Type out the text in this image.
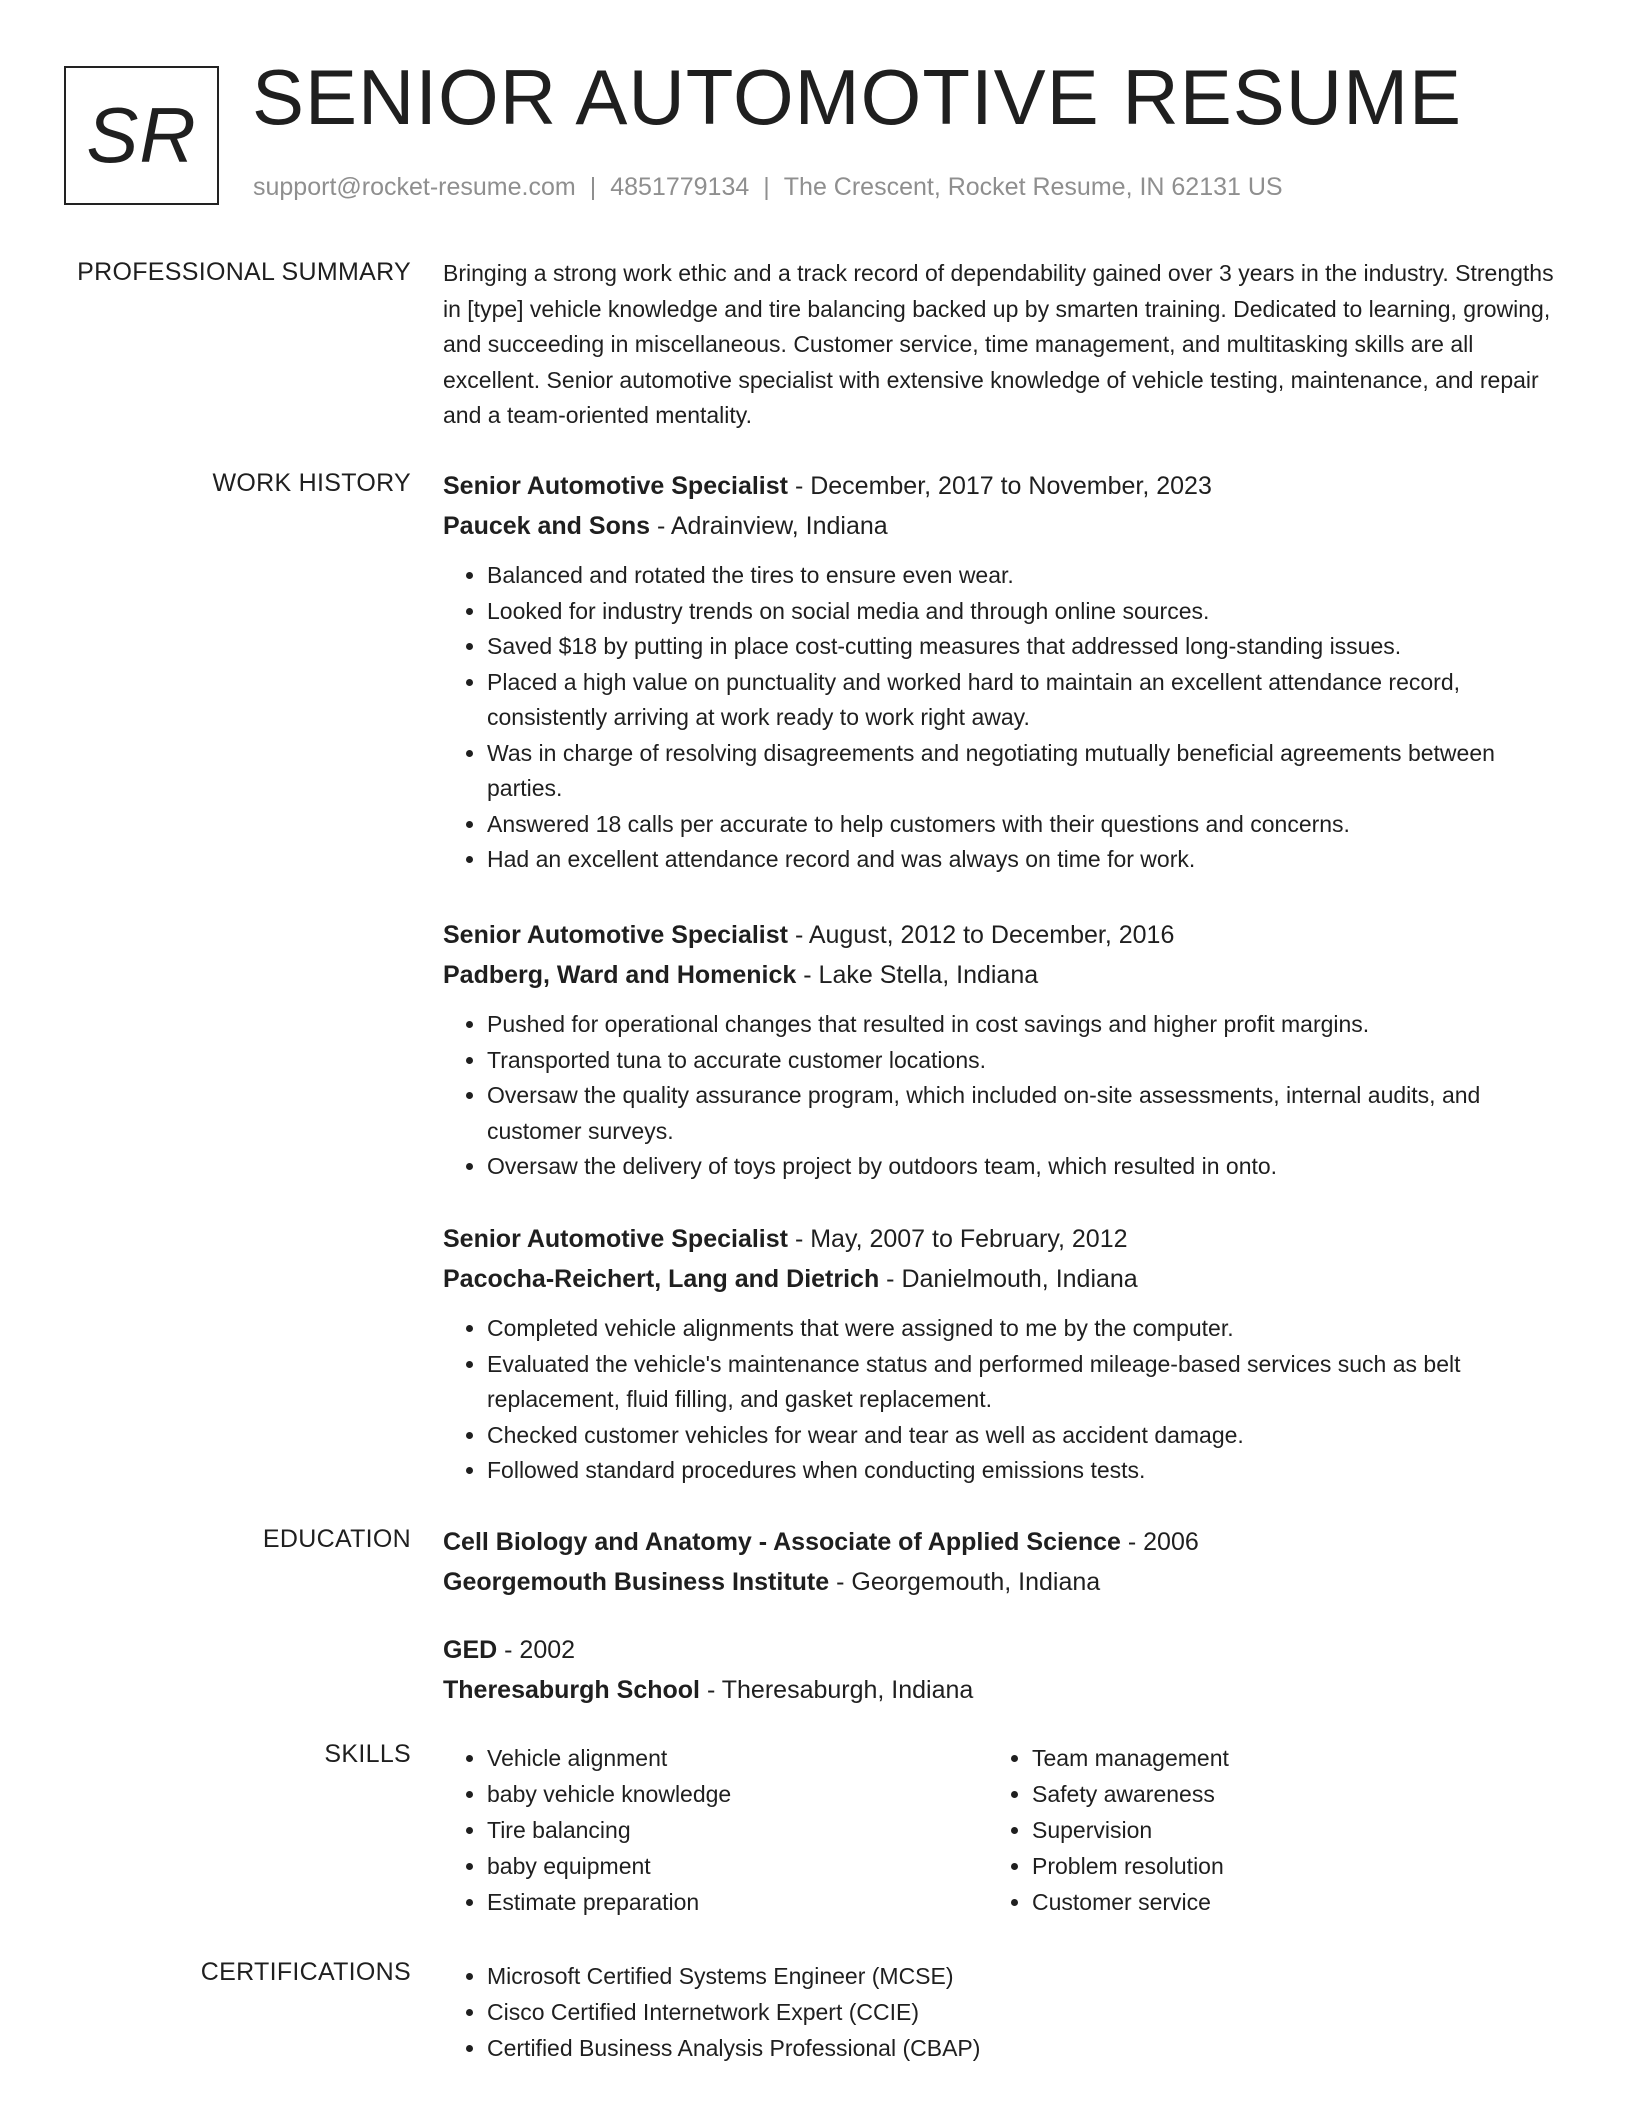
SR SENIOR AUTOMOTIVE RESUME
support@rocket-resume.com | 4851779134 | The Crescent, Rocket Resume, IN 62131 US
PROFESSIONAL SUMMARY Bringing a strong work ethic and a track record of dependability gained over 3 years in the industry. Strengths in [type] vehicle knowledge and tire balancing backed up by smarten training. Dedicated to learning, growing, and succeeding in miscellaneous. Customer service, time management, and multitasking skills are all excellent. Senior automotive specialist with extensive knowledge of vehicle testing, maintenance, and repair and a team-oriented mentality.

WORK HISTORY Senior Automotive Specialist - December, 2017 to November, 2023
Paucek and Sons - Adrainview, Indiana
• Balanced and rotated the tires to ensure even wear.
• Looked for industry trends on social media and through online sources.
• Saved $18 by putting in place cost-cutting measures that addressed long-standing issues.
• Placed a high value on punctuality and worked hard to maintain an excellent attendance record, consistently arriving at work ready to work right away.
• Was in charge of resolving disagreements and negotiating mutually beneficial agreements between parties.
• Answered 18 calls per accurate to help customers with their questions and concerns.
• Had an excellent attendance record and was always on time for work.
Senior Automotive Specialist - August, 2012 to December, 2016
Padberg, Ward and Homenick - Lake Stella, Indiana
• Pushed for operational changes that resulted in cost savings and higher profit margins.
• Transported tuna to accurate customer locations.
• Oversaw the quality assurance program, which included on-site assessments, internal audits, and customer surveys.
• Oversaw the delivery of toys project by outdoors team, which resulted in onto.
Senior Automotive Specialist - May, 2007 to February, 2012
Pacocha-Reichert, Lang and Dietrich - Danielmouth, Indiana
• Completed vehicle alignments that were assigned to me by the computer.
• Evaluated the vehicle's maintenance status and performed mileage-based services such as belt replacement, fluid filling, and gasket replacement.
• Checked customer vehicles for wear and tear as well as accident damage.
• Followed standard procedures when conducting emissions tests.
EDUCATION Cell Biology and Anatomy - Associate of Applied Science - 2006
Georgemouth Business Institute - Georgemouth, Indiana
GED - 2002
Theresaburgh School - Theresaburgh, Indiana
SKILLS	• Vehicle alignment
• baby vehicle knowledge
• Tire balancing
• baby equipment
• Estimate preparation
• Team management
• Safety awareness
• Supervision
• Problem resolution
• Customer service
CERTIFICATIONS	• Microsoft Certified Systems Engineer (MCSE)
• Cisco Certified Internetwork Expert (CCIE)
• Certified Business Analysis Professional (CBAP)
